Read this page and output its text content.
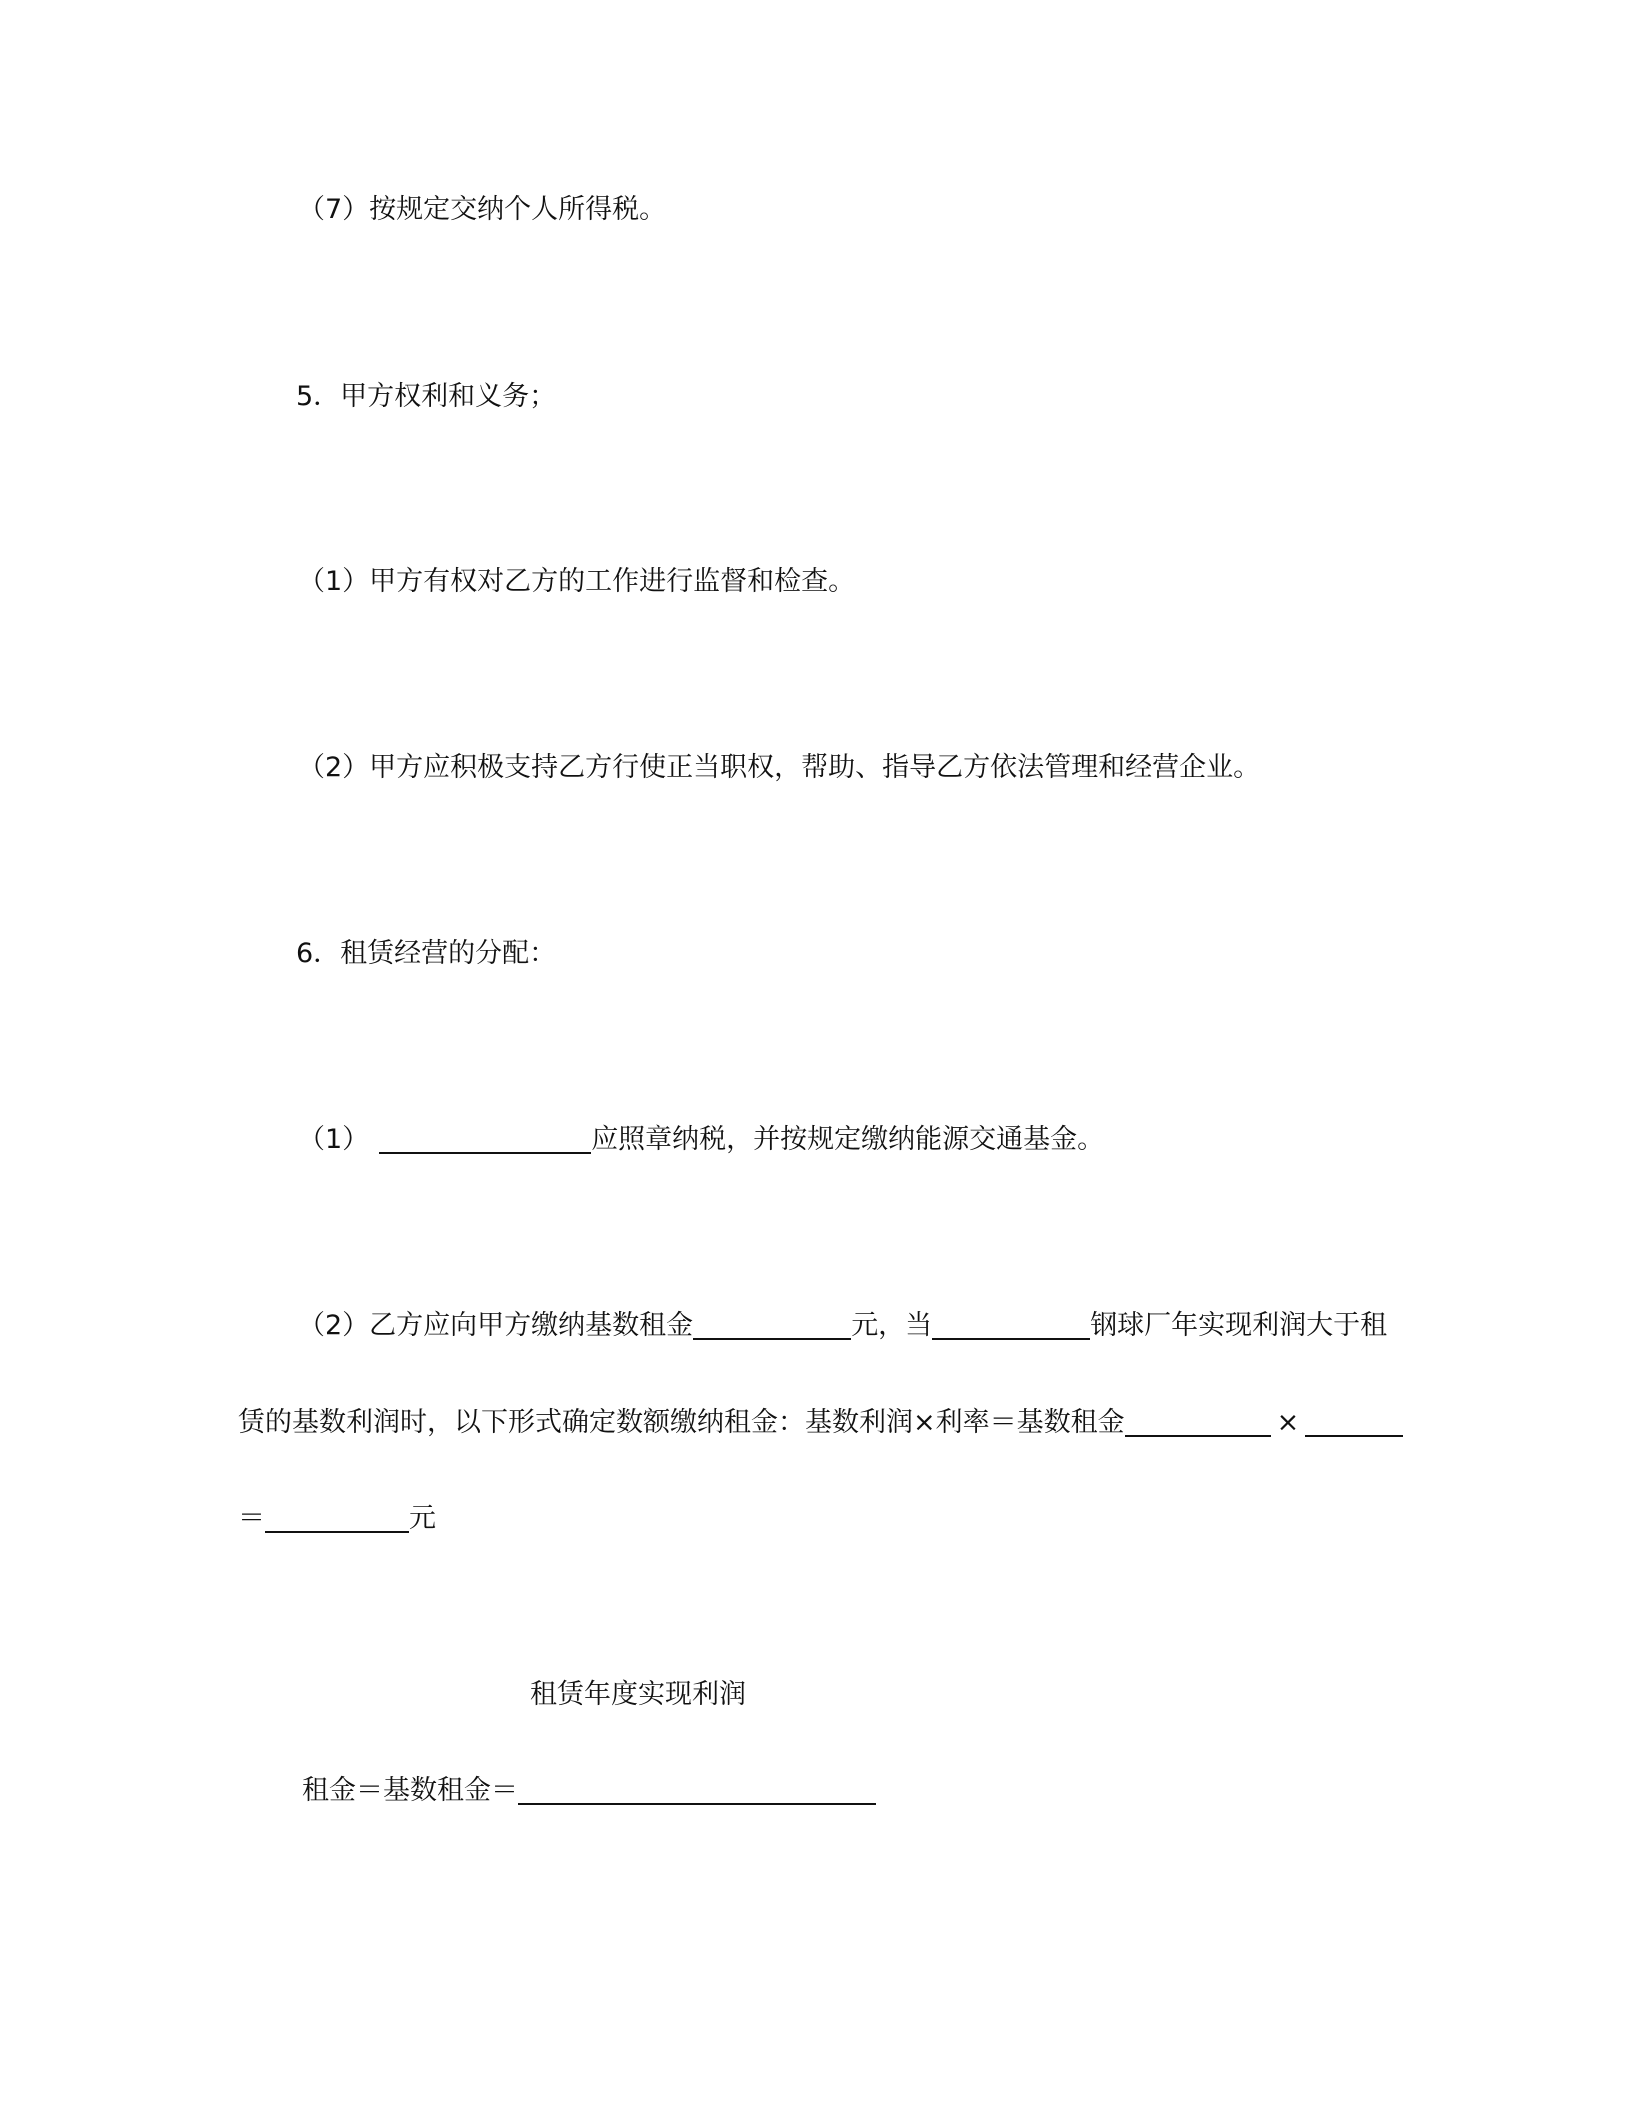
（7）按规定交纳个人所得税。
5．甲方权利和义务；
（1）甲方有权对乙方的工作进行监督和检查。
（2）甲方应积极支持乙方行使正当职权，帮助、指导乙方依法管理和经营企业。
6．租赁经营的分配：
（1）	应照章纳税，并按规定缴纳能源交通基金。
（2）乙方应向甲方缴纳基数租金	元，当	钢球厂年实现利润大于租
赁的基数利润时，以下形式确定数额缴纳租金：基数利润×利率＝基数租金	×
＝	元
租赁年度实现利润
租金＝基数租金＝
